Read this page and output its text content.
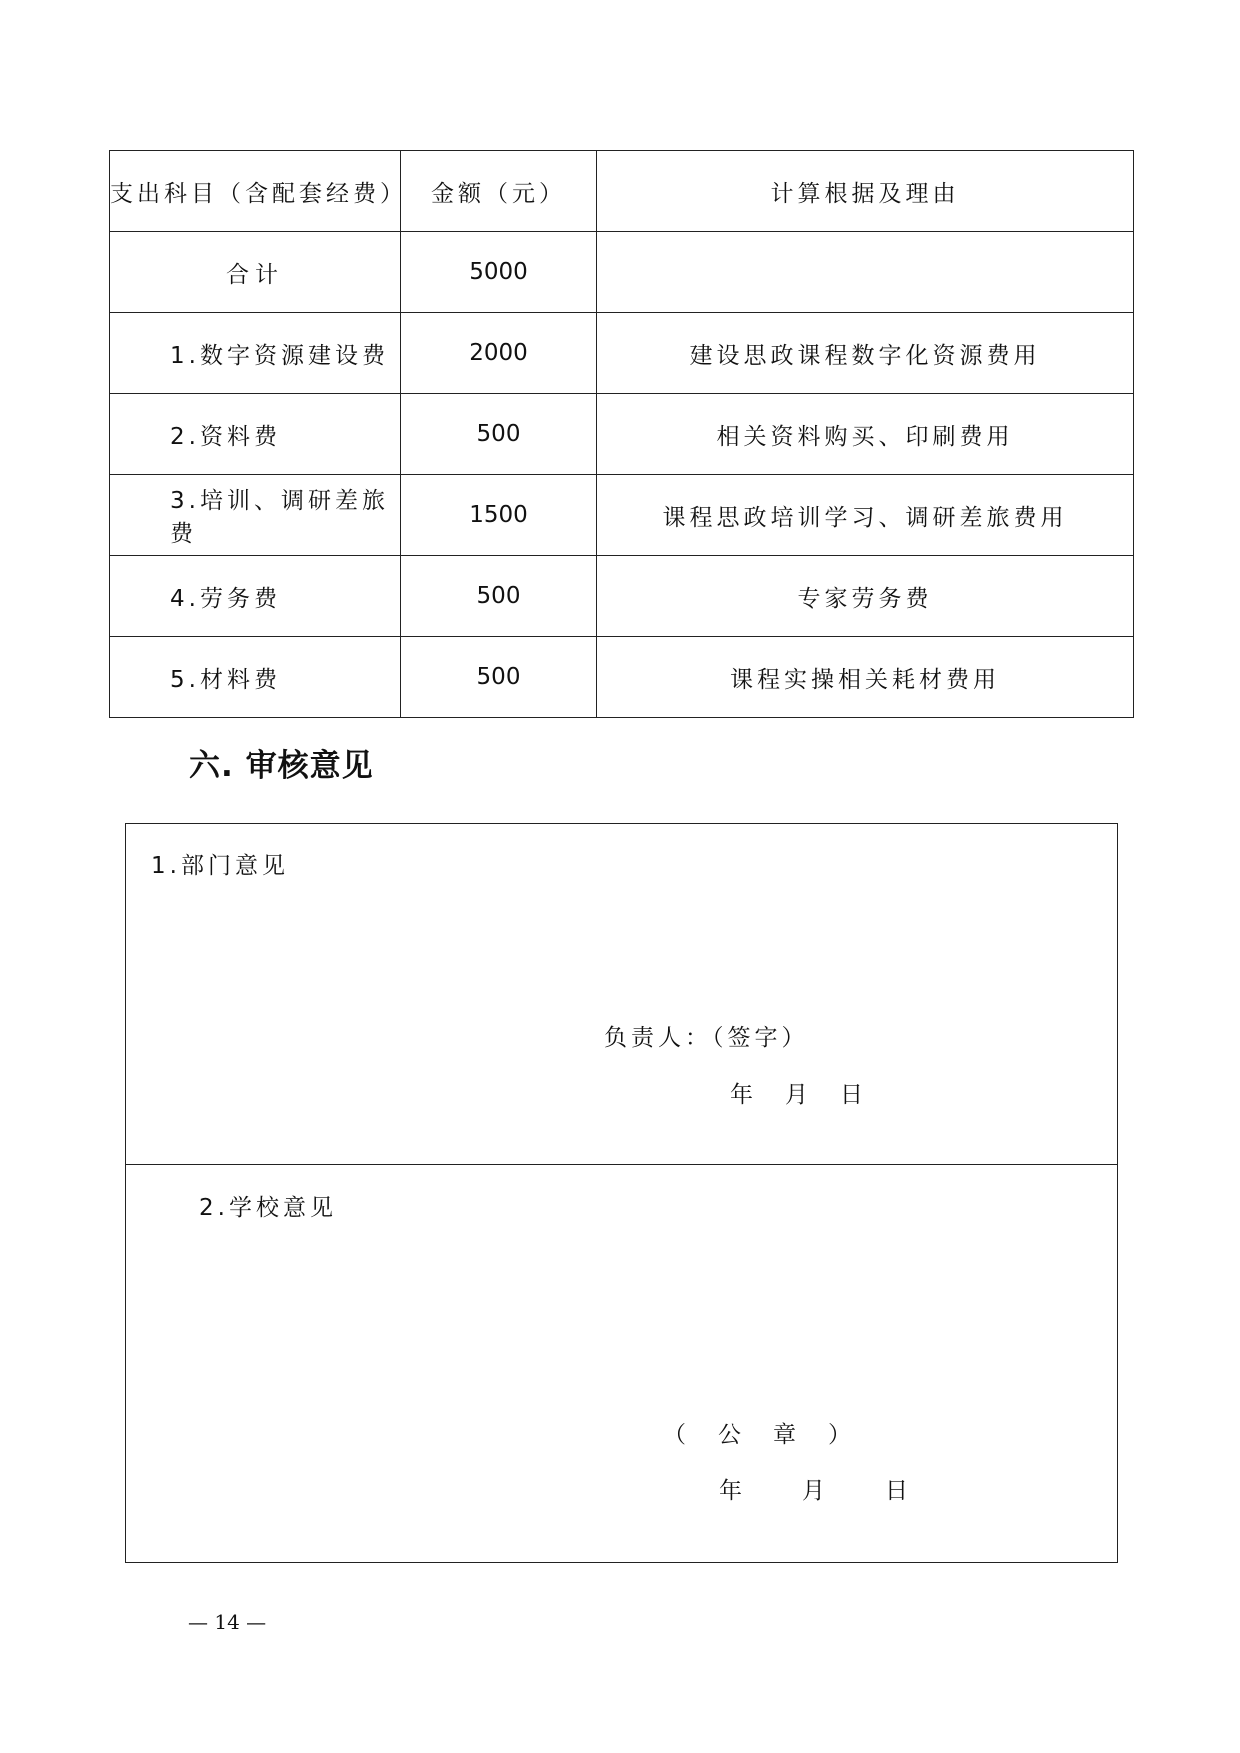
支出科目（含配套经费）	金额（元）	计算根据及理由
合计	5000	
1.数字资源建设费	2000	建设思政课程数字化资源费用
2.资料费	500	相关资料购买、印刷费用
3.培训、调研差旅费	1500	课程思政培训学习、调研差旅费用
4.劳务费	500	专家劳务费
5.材料费	500	课程实操相关耗材费用
六. 审核意见
1.部门意见
负责人：（签字）
年 月 日
2.学校意见
（ 公 章 ）
年 月 日
— 14 —
